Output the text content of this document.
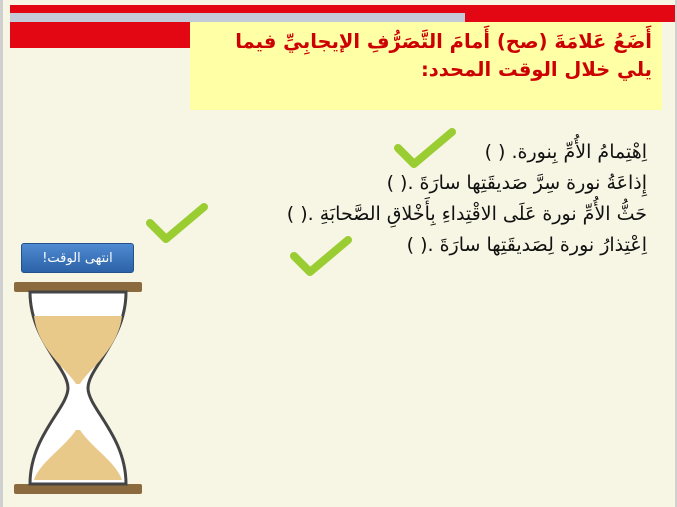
أَضَعُ عَلامَةَ (صح) أَمامَ التَّصَرُّفِ الإيجابِيِّ فيما
يلي خلال الوقت المحدد:
اِهْتِمامُ الأُمِّ بِنورة. ( )
إِذاعَةُ نورة سِرَّ صَديقَتِها سارَةَ .( )
حَثُّ الأُمِّ نورة عَلَى الاقْتِداءِ بِأَخْلاقِ الصَّحابَةِ .( )
اِعْتِذارُ نورة لِصَديقَتِها سارَةَ .( )
انتهى الوقت!
